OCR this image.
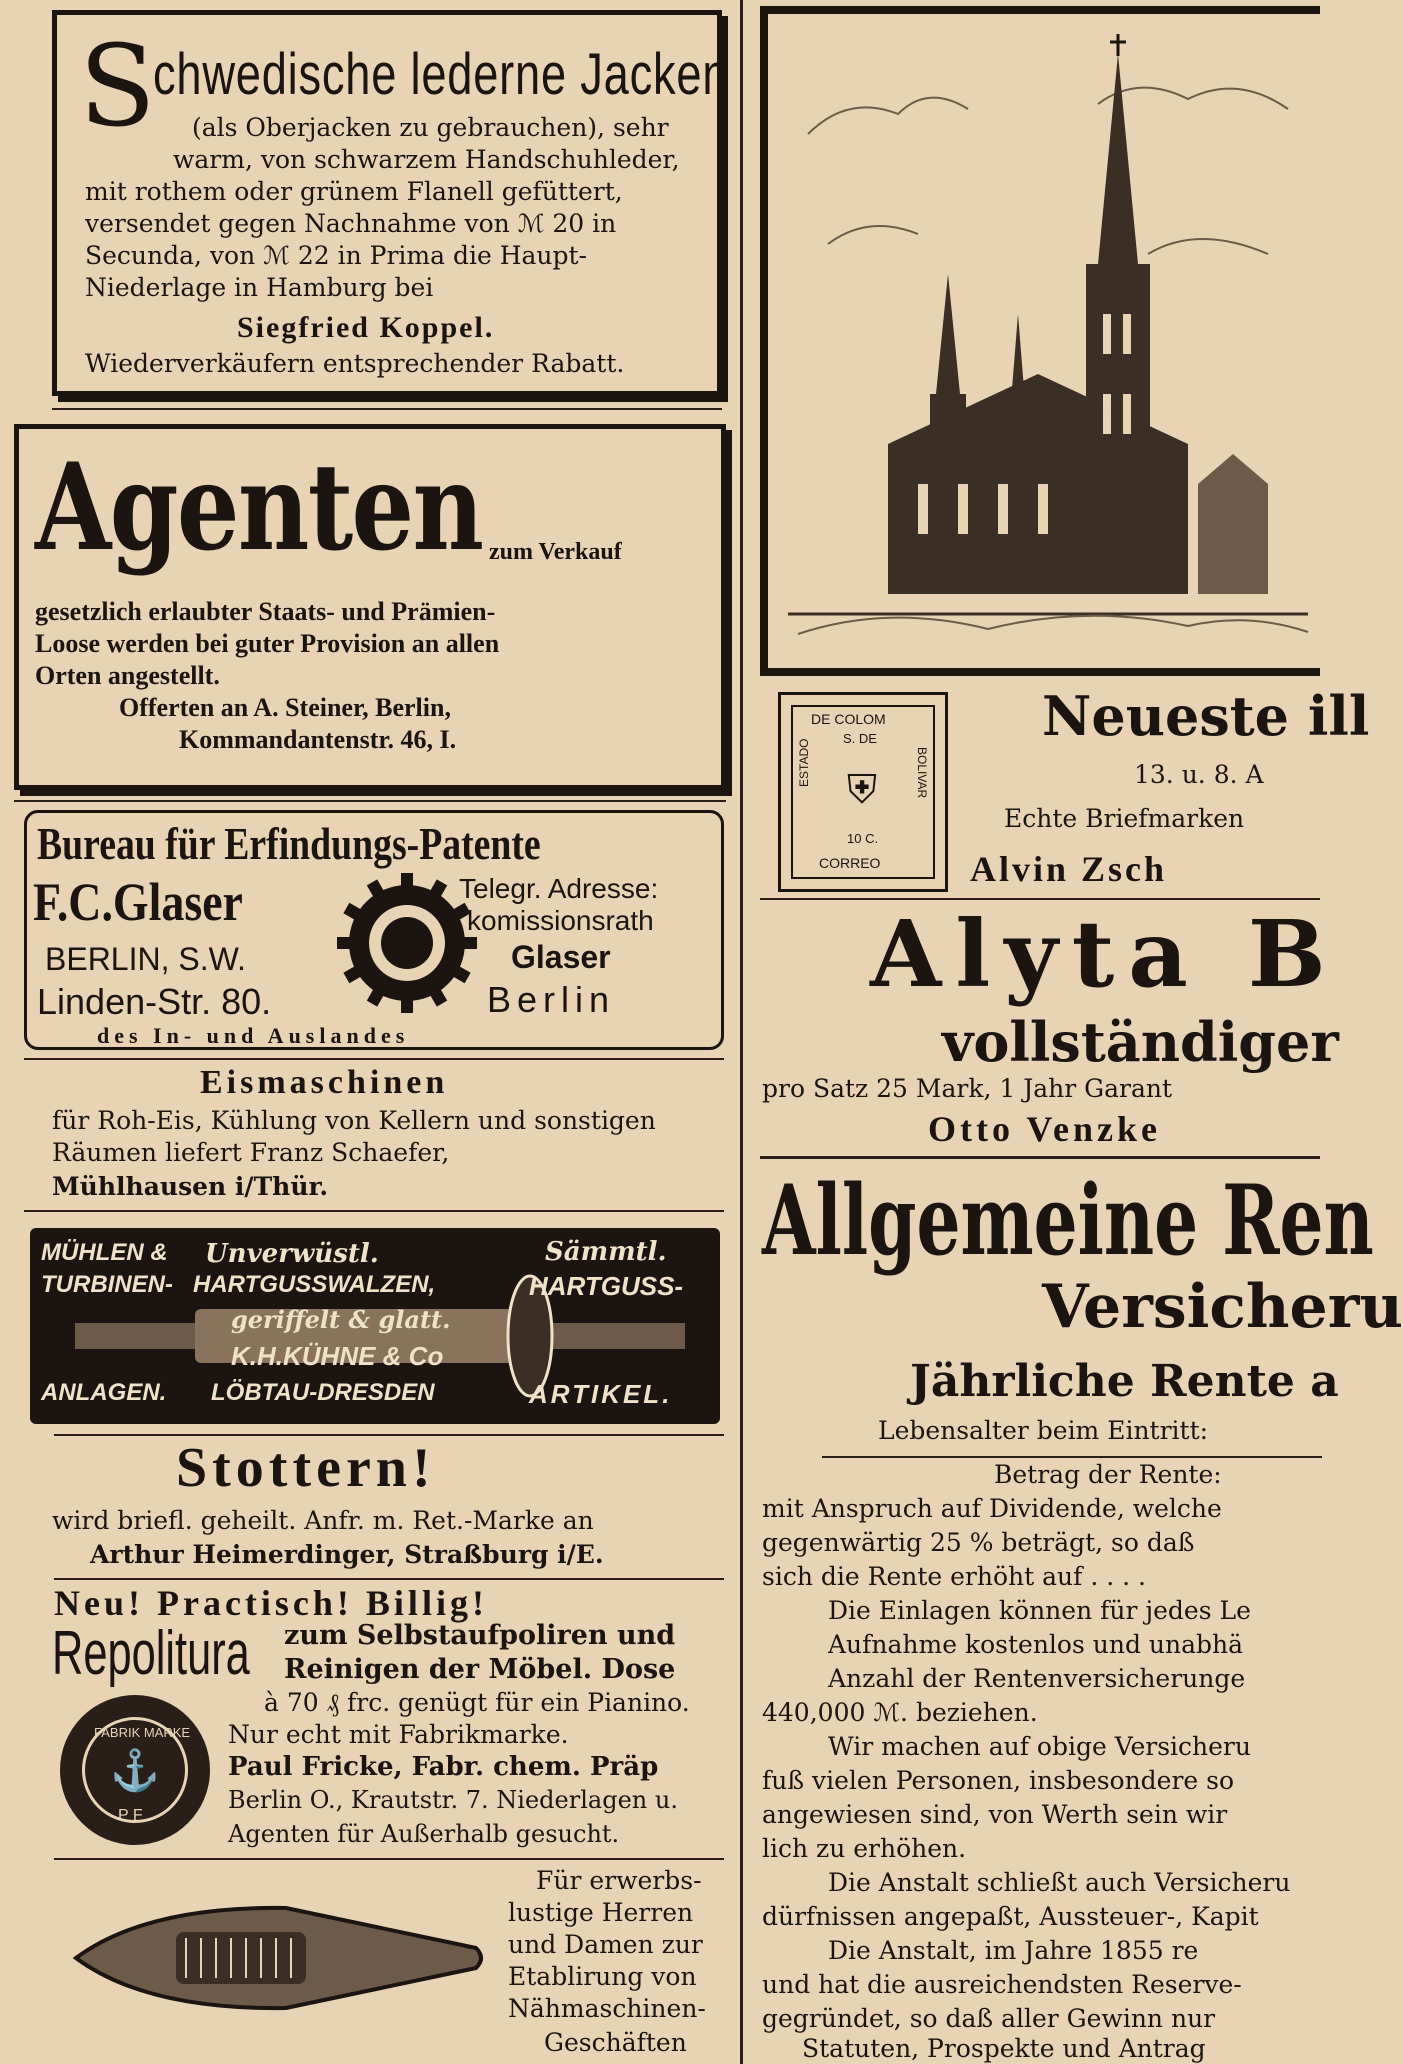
S
chwedische lederne Jacken
(als Oberjacken zu gebrauchen), sehr
warm, von schwarzem Handschuhleder,
mit rothem oder grünem Flanell gefüttert,
versendet gegen Nachnahme von ℳ 20 in
Secunda, von ℳ 22 in Prima die Haupt-
Niederlage in Hamburg bei
Siegfried Koppel.
Wiederverkäufern entsprechender Rabatt.
Agenten zum Verkauf
gesetzlich erlaubter Staats- und Prämien-
Loose werden bei guter Provision an allen
Orten angestellt.
Offerten an A. Steiner, Berlin,
Kommandantenstr. 46, I.
Bureau für Erfindungs-Patente
F.C.Glaser
BERLIN, S.W.
Linden-Str. 80.
Telegr. Adresse:
komissionsrath
Glaser
Berlin
des In- und Auslandes
Eismaschinen
für Roh-Eis, Kühlung von Kellern und sonstigen
Räumen liefert Franz Schaefer,
Mühlhausen i/Thür.
MÜHLEN & Unverwüstl.	Sämmtl.
TURBINEN- HARTGUSSWALZEN,	HARTGUSS-
geriffelt & glatt.
K.H.KÜHNE & Co
ANLAGEN. LÖBTAU-DRESDEN	ARTIKEL.
Stottern!
wird briefl. geheilt. Anfr. m. Ret.-Marke an
Arthur Heimerdinger, Straßburg i/E.
Neu! Practisch! Billig!
Repolitura zum Selbstaufpoliren und
Reinigen der Möbel. Dose
à 70 ₰ frc. genügt für ein Pianino.
Nur echt mit Fabrikmarke.
Paul Fricke, Fabr. chem. Präp
Berlin O., Krautstr. 7. Niederlagen u.
Agenten für Außerhalb gesucht.
FABRIK MARKE
⚓
P F
Für erwerbs-
lustige Herren
und Damen zur
Etablirung von
Nähmaschinen-
Geschäften
DE COLOM
S. DE
ESTADO	BOLIVAR
⛨
10 C.
CORREO
Neueste ill
13. u. 8. A
Echte Briefmarken
Alvin Zsch
Alyta B
vollständiger
pro Satz 25 Mark, 1 Jahr Garant
Otto Venzke
Allgemeine Ren
Versicheru
Jährliche Rente a
Lebensalter beim Eintritt:
Betrag der Rente:
mit Anspruch auf Dividende, welche
gegenwärtig 25 % beträgt, so daß
sich die Rente erhöht auf . . . .
Die Einlagen können für jedes Le
Aufnahme kostenlos und unabhä
Anzahl der Rentenversicherunge
440,000 ℳ. beziehen.
Wir machen auf obige Versicheru
fuß vielen Personen, insbesondere so
angewiesen sind, von Werth sein wir
lich zu erhöhen.
Die Anstalt schließt auch Versicheru
dürfnissen angepaßt, Aussteuer-, Kapit
Die Anstalt, im Jahre 1855 re
und hat die ausreichendsten Reserve-
gegründet, so daß aller Gewinn nur
Statuten, Prospekte und Antrag
